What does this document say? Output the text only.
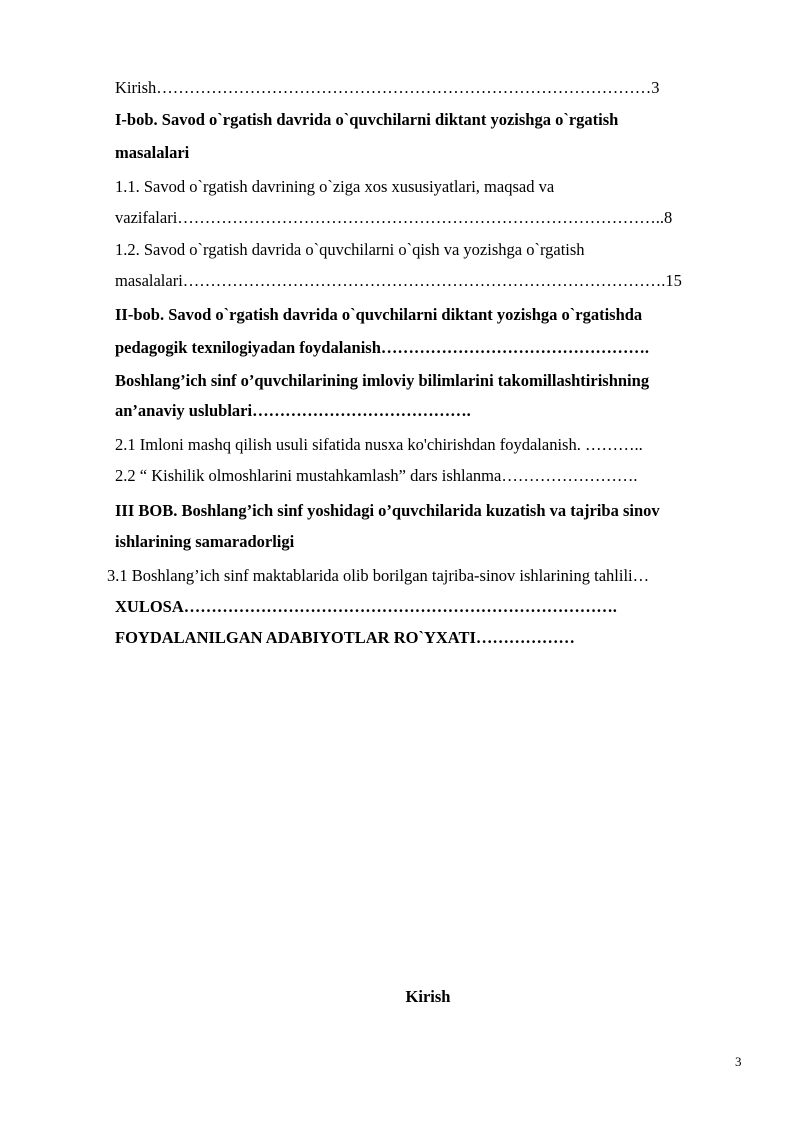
Kirish………………………………………………………………………………3

I-bob. Savod o`rgatish davrida o`quvchilarni diktant yozishga o`rgatish

masalalari

1.1. Savod o`rgatish davrining o`ziga xos xususiyatlari, maqsad va

vazifalari……………………………………………………………………………..8

1.2. Savod o`rgatish davrida o`quvchilarni o`qish va yozishga o`rgatish

masalalari…………………………………………………………………………….15

II-bob. Savod o`rgatish davrida o`quvchilarni diktant yozishga o`rgatishda

pedagogik texnilogiyadan foydalanish………………………………………….

Boshlang’ich sinf o’quvchilarining imloviy bilimlarini takomillashtirishning

an’anaviy uslublari………………………………….

2.1 Imloni mashq qilish usuli sifatida nusxa ko'chirishdan foydalanish. ………..

2.2 “ Kishilik olmoshlarini mustahkamlash” dars ishlanma…………………….

III BOB. Boshlang’ich sinf yoshidagi o’quvchilarida kuzatish va tajriba sinov

ishlarining samaradorligi

3.1 Boshlang’ich sinf maktablarida olib borilgan tajriba-sinov ishlarining tahlili…

XULOSA…………………………………………………………………….

FOYDALANILGAN ADABIYOTLAR RO`YXATI………………

Kirish
3
